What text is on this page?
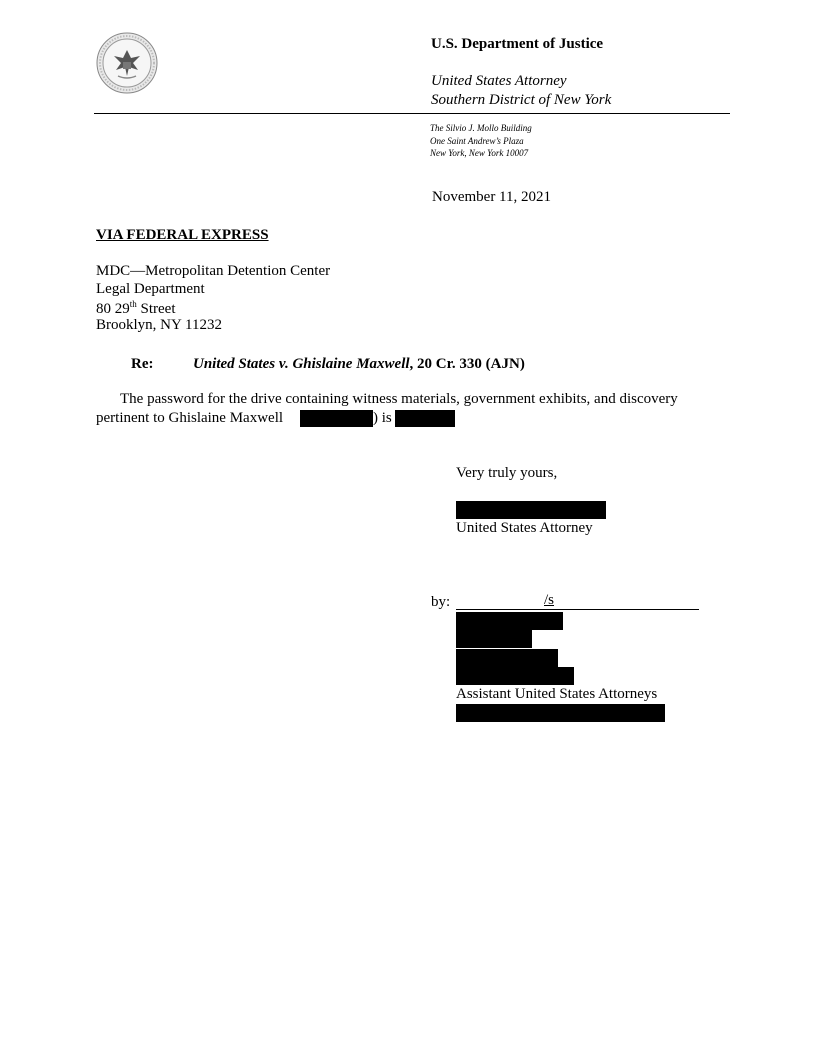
U.S. Department of Justice
United States Attorney
Southern District of New York
The Silvio J. Mollo Building
One Saint Andrew’s Plaza
New York, New York 10007
November 11, 2021
VIA FEDERAL EXPRESS
MDC—Metropolitan Detention Center
Legal Department
80 29th Street
Brooklyn, NY 11232
Re:	United States v. Ghislaine Maxwell, 20 Cr. 330 (AJN)
The password for the drive containing witness materials, government exhibits, and discovery
pertinent to Ghislaine Maxwell	) is
Very truly yours,
United States Attorney
by:	/s
Assistant United States Attorneys
